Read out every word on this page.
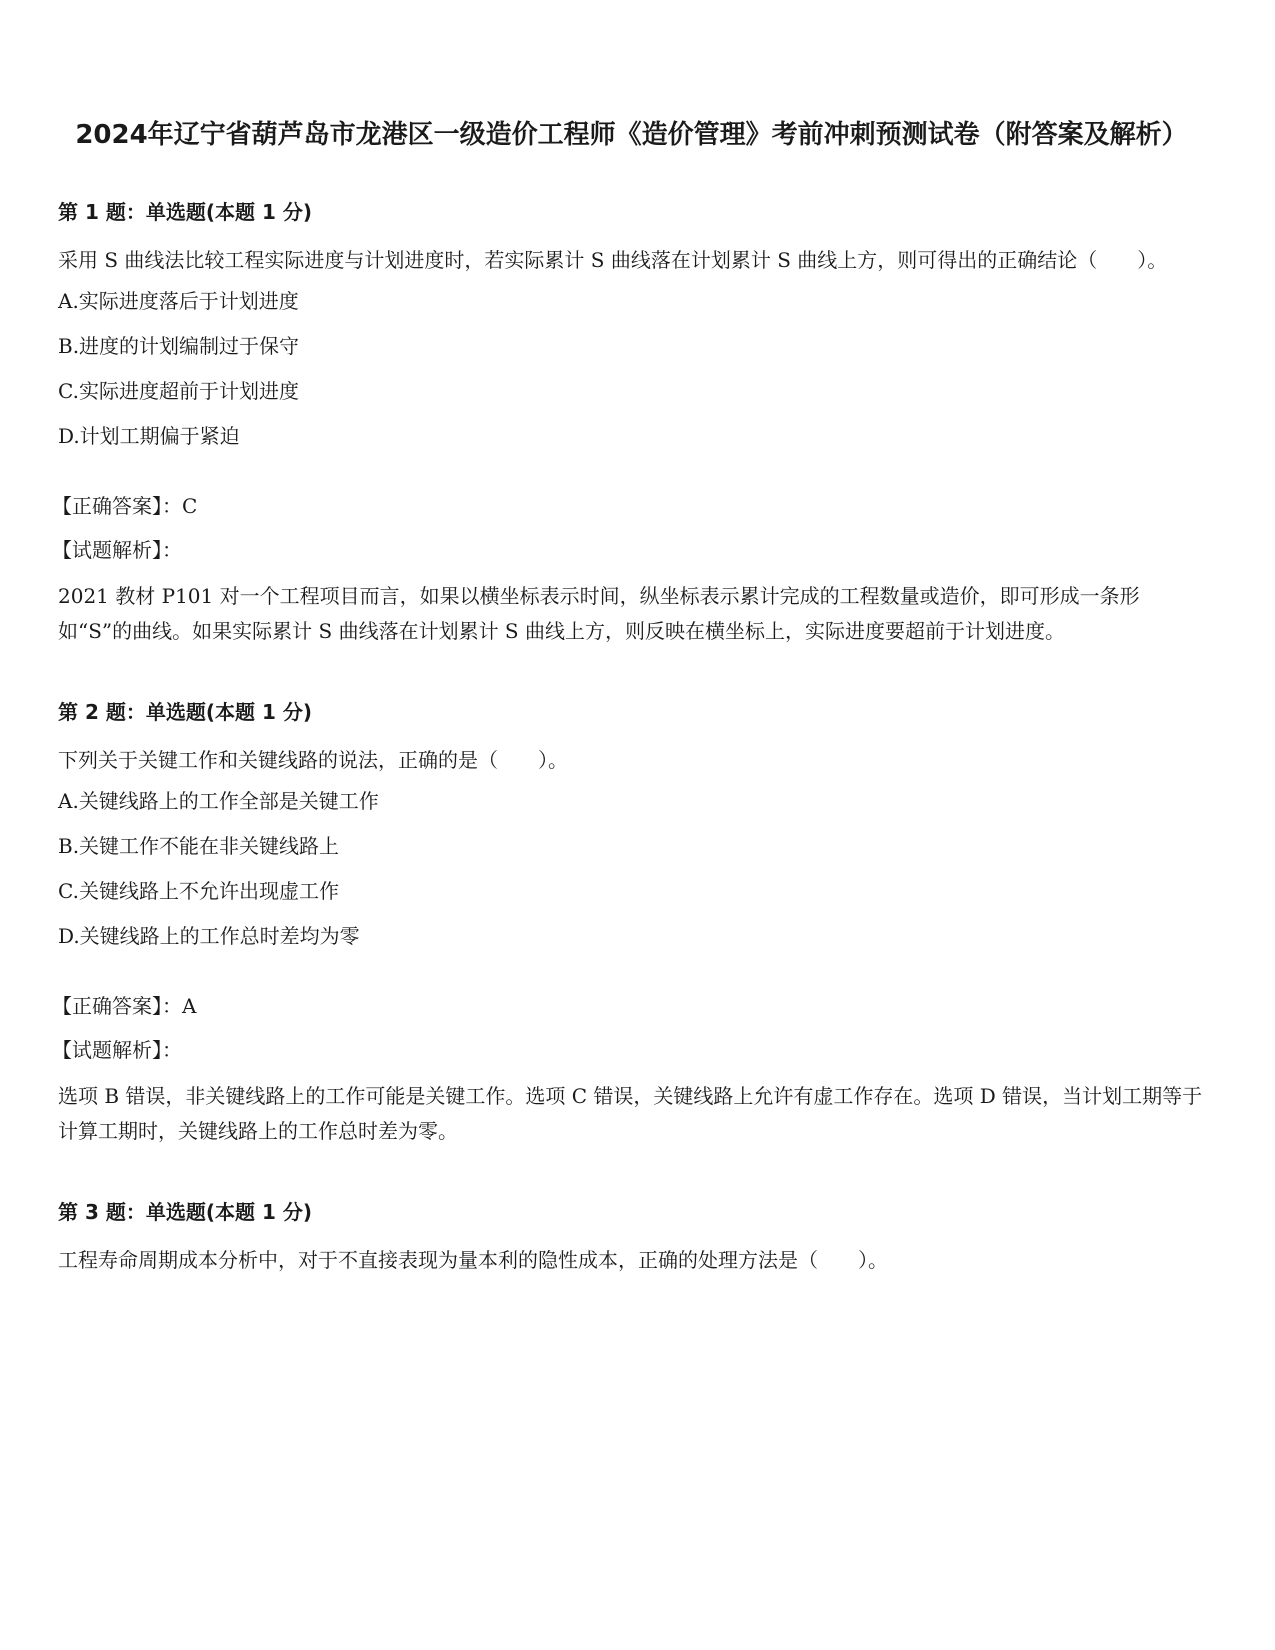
2024年辽宁省葫芦岛市龙港区一级造价工程师《造价管理》考前冲刺预测试卷（附答案及解析）
第 1 题：单选题(本题 1 分)
采用 S 曲线法比较工程实际进度与计划进度时，若实际累计 S 曲线落在计划累计 S 曲线上方，则可得出的正确结论（　　）。
A.实际进度落后于计划进度
B.进度的计划编制过于保守
C.实际进度超前于计划进度
D.计划工期偏于紧迫
【正确答案】：C
【试题解析】：
2021 教材 P101 对一个工程项目而言，如果以横坐标表示时间，纵坐标表示累计完成的工程数量或造价，即可形成一条形如“S”的曲线。如果实际累计 S 曲线落在计划累计 S 曲线上方，则反映在横坐标上，实际进度要超前于计划进度。
第 2 题：单选题(本题 1 分)
下列关于关键工作和关键线路的说法，正确的是（　　）。
A.关键线路上的工作全部是关键工作
B.关键工作不能在非关键线路上
C.关键线路上不允许出现虚工作
D.关键线路上的工作总时差均为零
【正确答案】：A
【试题解析】：
选项 B 错误，非关键线路上的工作可能是关键工作。选项 C 错误，关键线路上允许有虚工作存在。选项 D 错误，当计划工期等于计算工期时，关键线路上的工作总时差为零。
第 3 题：单选题(本题 1 分)
工程寿命周期成本分析中，对于不直接表现为量本利的隐性成本，正确的处理方法是（　　）。
